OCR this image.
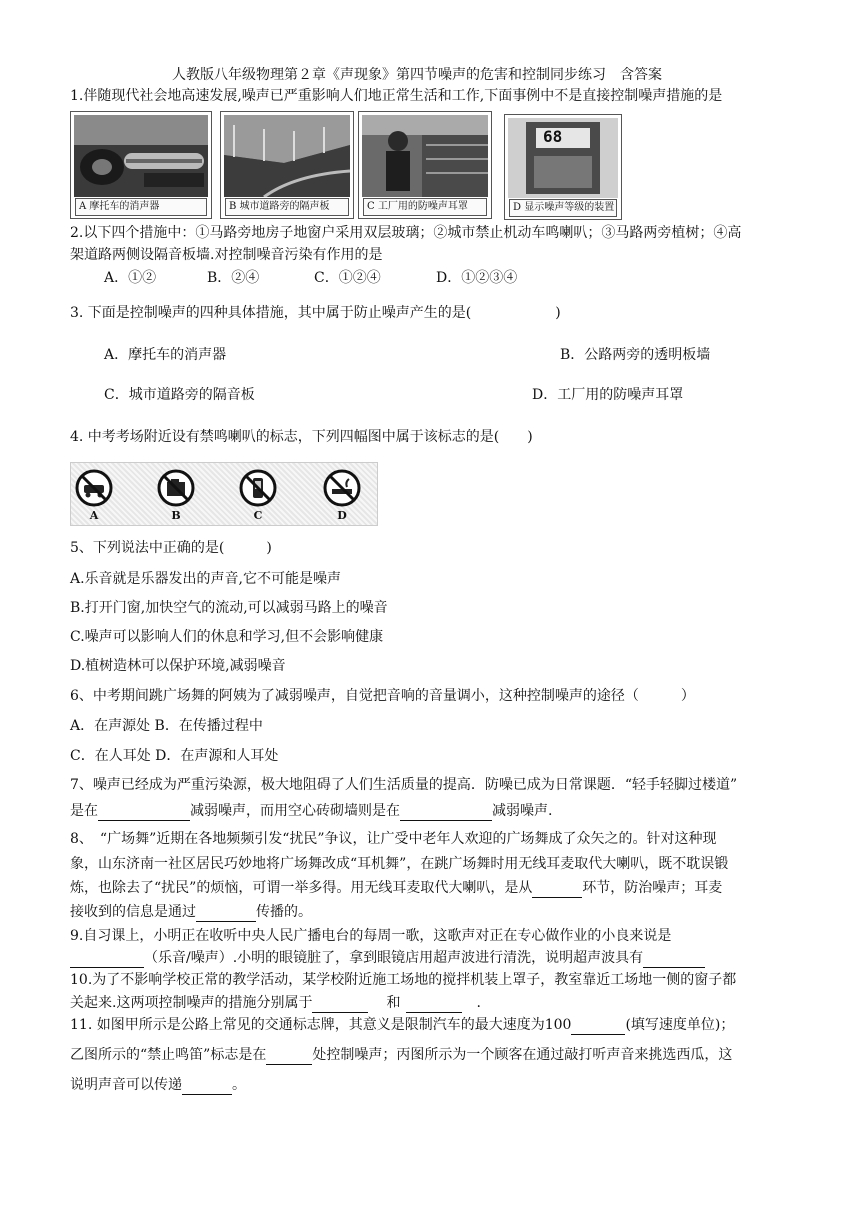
人教版八年级物理第２章《声现象》第四节噪声的危害和控制同步练习　含答案
1.伴随现代社会地高速发展,噪声已严重影响人们地正常生活和工作,下面事例中不是直接控制噪声措施的是
A 摩托车的消声器	B 城市道路旁的隔声板	C 工厂用的防噪声耳罩
68
D 显示噪声等级的装置
2.以下四个措施中：①马路旁地房子地窗户采用双层玻璃；②城市禁止机动车鸣喇叭；③马路两旁植树；④高
架道路两侧设隔音板墙.对控制噪音污染有作用的是
A．①②	B．②④	C．①②④	D．①②③④
3. 下面是控制噪声的四种具体措施，其中属于防止噪声产生的是(　　　　　　)
A．摩托车的消声器	B．公路两旁的透明板墙
C．城市道路旁的隔音板	D．工厂用的防噪声耳罩
4. 中考考场附近设有禁鸣喇叭的标志，下列四幅图中属于该标志的是(　　)
A	B	C	D
5、下列说法中正确的是(　　　)
A.乐音就是乐器发出的声音,它不可能是噪声
B.打开门窗,加快空气的流动,可以减弱马路上的噪音
C.噪声可以影响人们的休息和学习,但不会影响健康
D.植树造林可以保护环境,减弱噪音
6、中考期间跳广场舞的阿姨为了减弱噪声，自觉把音响的音量调小，这种控制噪声的途径（　　　）
A．在声源处 B．在传播过程中
C．在人耳处 D．在声源和人耳处
7、噪声已经成为严重污染源，极大地阻碍了人们生活质量的提高．防噪已成为日常课题．“轻手轻脚过楼道”
是在	减弱噪声，而用空心砖砌墙则是在	减弱噪声.
8、　“广场舞”近期在各地频频引发“扰民”争议，让广受中老年人欢迎的广场舞成了众矢之的。针对这种现
象，山东济南一社区居民巧妙地将广场舞改成“耳机舞”，在跳广场舞时用无线耳麦取代大喇叭，既不耽误锻
炼，也除去了“扰民”的烦恼，可谓一举多得。用无线耳麦取代大喇叭，是从	环节，防治噪声；耳麦
接收到的信息是通过	传播的。
9.自习课上，小明正在收听中央人民广播电台的每周一歌，这歌声对正在专心做作业的小良来说是
（乐音/噪声）.小明的眼镜脏了，拿到眼镜店用超声波进行清洗，说明超声波具有
10.为了不影响学校正常的教学活动，某学校附近施工场地的搅拌机装上罩子，教室靠近工场地一侧的窗子都
关起来.这两项控制噪声的措施分别属于	和	.
11. 如图甲所示是公路上常见的交通标志牌，其意义是限制汽车的最大速度为100	(填写速度单位)；
乙图所示的“禁止鸣笛”标志是在	处控制噪声；丙图所示为一个顾客在通过敲打听声音来挑选西瓜，这
说明声音可以传递	。
